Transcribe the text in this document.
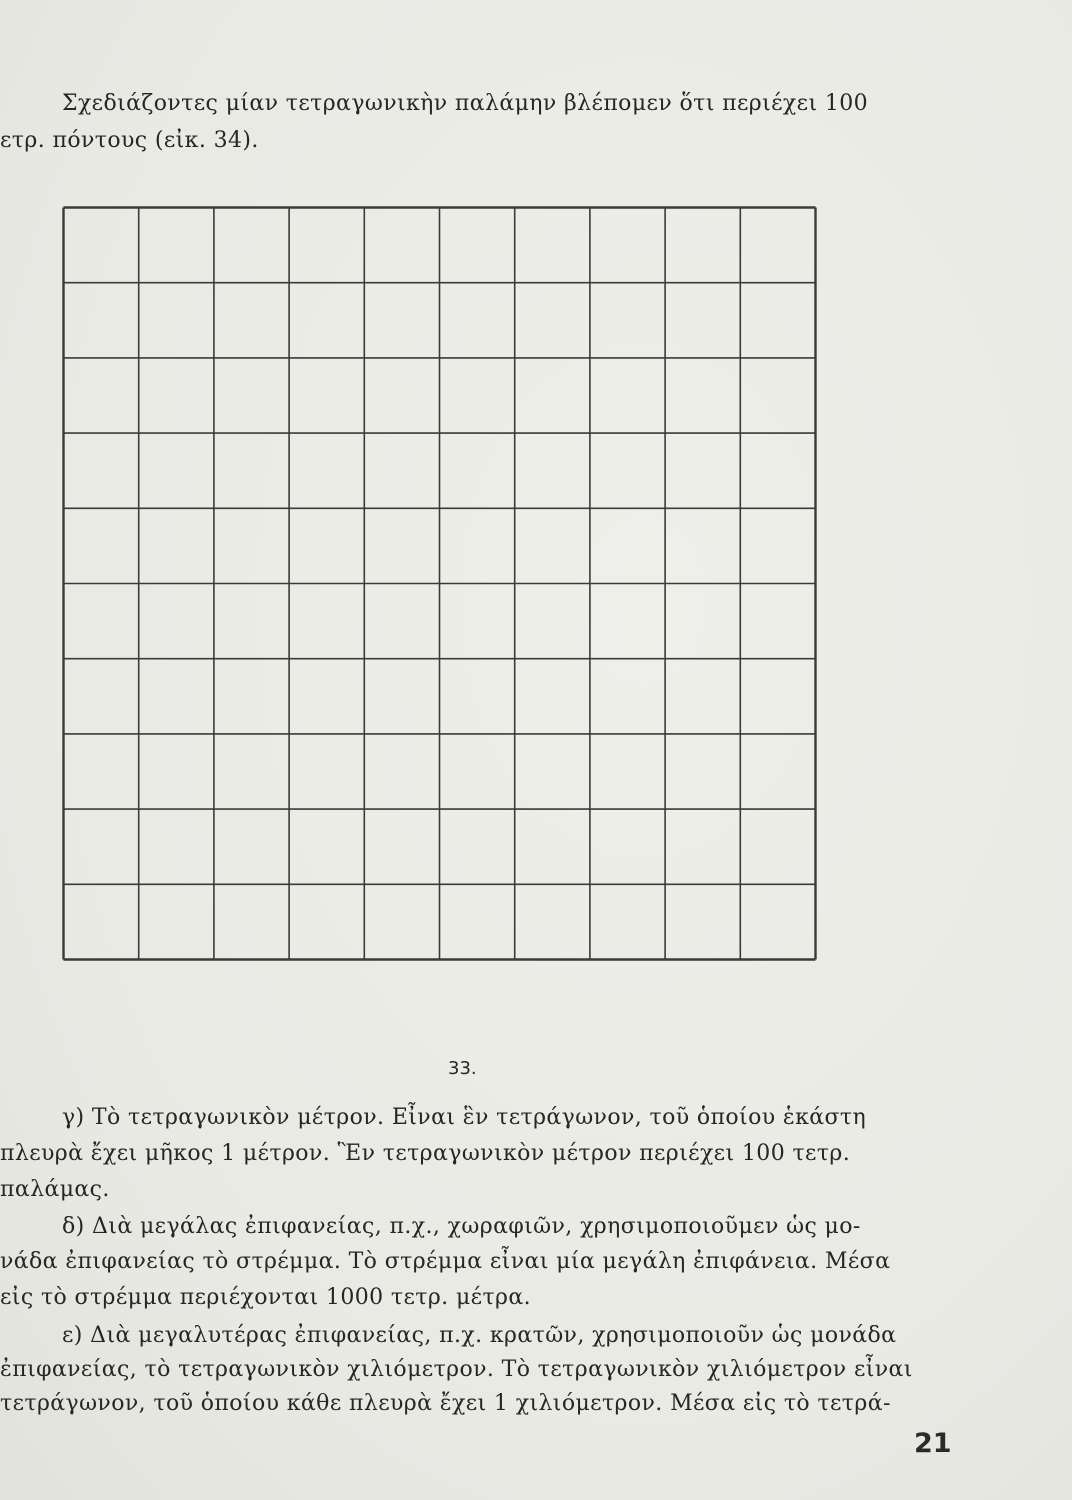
Σχεδιάζοντες μίαν τετραγωνικὴν παλάμην βλέπομεν ὅτι περιέχει 100
ετρ. πόντους (εἰκ. 34).
33.
γ) Τὸ τετραγωνικὸν μέτρον. Εἶναι ἓν τετράγωνον, τοῦ ὁποίου ἑκάστη
πλευρὰ ἔχει μῆκος 1 μέτρον. Ἓν τετραγωνικὸν μέτρον περιέχει 100 τετρ.
παλάμας.
δ) Διὰ μεγάλας ἐπιφανείας, π.χ., χωραφιῶν, χρησιμοποιοῦμεν ὡς μο-
νάδα ἐπιφανείας τὸ στρέμμα. Τὸ στρέμμα εἶναι μία μεγάλη ἐπιφάνεια. Μέσα
εἰς τὸ στρέμμα περιέχονται 1000 τετρ. μέτρα.
ε) Διὰ μεγαλυτέρας ἐπιφανείας, π.χ. κρατῶν, χρησιμοποιοῦν ὡς μονάδα
ἐπιφανείας, τὸ τετραγωνικὸν χιλιόμετρον. Τὸ τετραγωνικὸν χιλιόμετρον εἶναι
τετράγωνον, τοῦ ὁποίου κάθε πλευρὰ ἔχει 1 χιλιόμετρον. Μέσα εἰς τὸ τετρά-
21
